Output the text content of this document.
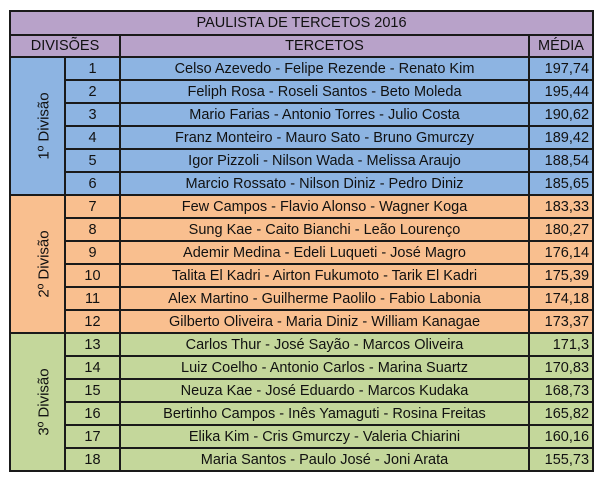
PAULISTA DE TERCETOS 2016			
DIVISÕES		TERCETOS	MÉDIA
1º Divisão	1	Celso Azevedo - Felipe Rezende - Renato Kim	197,74
	2	Feliph Rosa - Roseli Santos - Beto Moleda	195,44
	3	Mario Farias - Antonio Torres - Julio Costa	190,62
	4	Franz Monteiro - Mauro Sato - Bruno Gmurczy	189,42
	5	Igor Pizzoli - Nilson Wada - Melissa Araujo	188,54
	6	Marcio Rossato - Nilson Diniz - Pedro Diniz	185,65
2º Divisão	7	Few Campos - Flavio Alonso - Wagner Koga	183,33
	8	Sung Kae - Caito Bianchi - Leão Lourenço	180,27
	9	Ademir Medina - Edeli Luqueti - José Magro	176,14
	10	Talita El Kadri - Airton Fukumoto - Tarik El Kadri	175,39
	11	Alex Martino - Guilherme Paolilo - Fabio Labonia	174,18
	12	Gilberto Oliveira - Maria Diniz - William Kanagae	173,37
3º Divisão	13	Carlos Thur - José Sayão - Marcos Oliveira	171,3
	14	Luiz Coelho - Antonio Carlos - Marina Suartz	170,83
	15	Neuza Kae - José Eduardo - Marcos Kudaka	168,73
	16	Bertinho Campos - Inês Yamaguti - Rosina Freitas	165,82
	17	Elika Kim - Cris Gmurczy - Valeria Chiarini	160,16
	18	Maria Santos - Paulo José - Joni Arata	155,73
